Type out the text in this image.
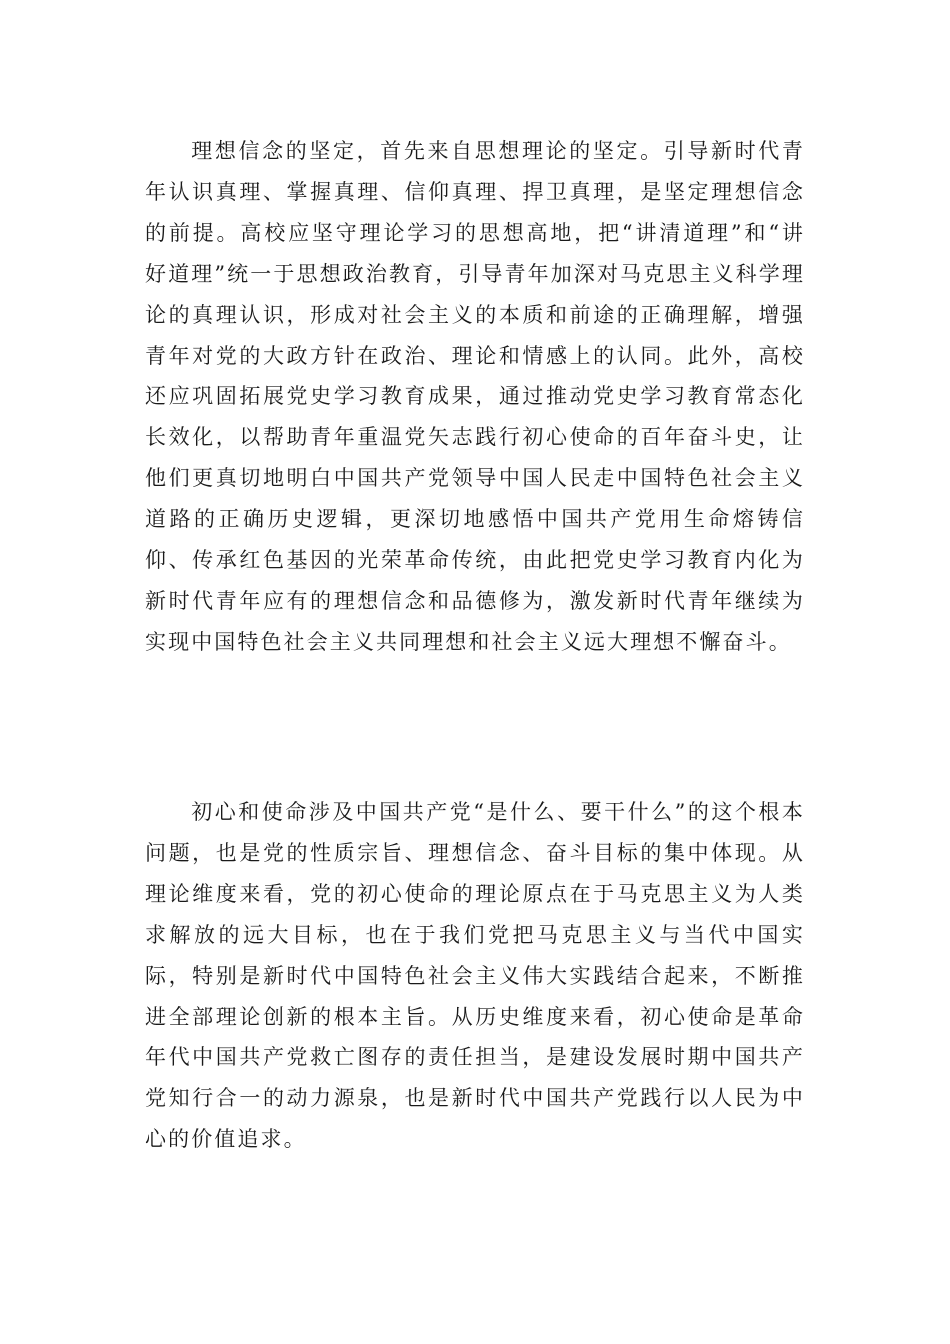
理想信念的坚定，首先来自思想理论的坚定。引导新时代青年认识真理、掌握真理、信仰真理、捍卫真理，是坚定理想信念的前提。高校应坚守理论学习的思想高地，把“讲清道理”和“讲好道理”统一于思想政治教育，引导青年加深对马克思主义科学理论的真理认识，形成对社会主义的本质和前途的正确理解，增强青年对党的大政方针在政治、理论和情感上的认同。此外，高校还应巩固拓展党史学习教育成果，通过推动党史学习教育常态化长效化，以帮助青年重温党矢志践行初心使命的百年奋斗史，让他们更真切地明白中国共产党领导中国人民走中国特色社会主义道路的正确历史逻辑，更深切地感悟中国共产党用生命熔铸信仰、传承红色基因的光荣革命传统，由此把党史学习教育内化为新时代青年应有的理想信念和品德修为，激发新时代青年继续为实现中国特色社会主义共同理想和社会主义远大理想不懈奋斗。

初心和使命涉及中国共产党“是什么、要干什么”的这个根本问题，也是党的性质宗旨、理想信念、奋斗目标的集中体现。从理论维度来看，党的初心使命的理论原点在于马克思主义为人类求解放的远大目标，也在于我们党把马克思主义与当代中国实际，特别是新时代中国特色社会主义伟大实践结合起来，不断推进全部理论创新的根本主旨。从历史维度来看，初心使命是革命年代中国共产党救亡图存的责任担当，是建设发展时期中国共产党知行合一的动力源泉，也是新时代中国共产党践行以人民为中心的价值追求。
